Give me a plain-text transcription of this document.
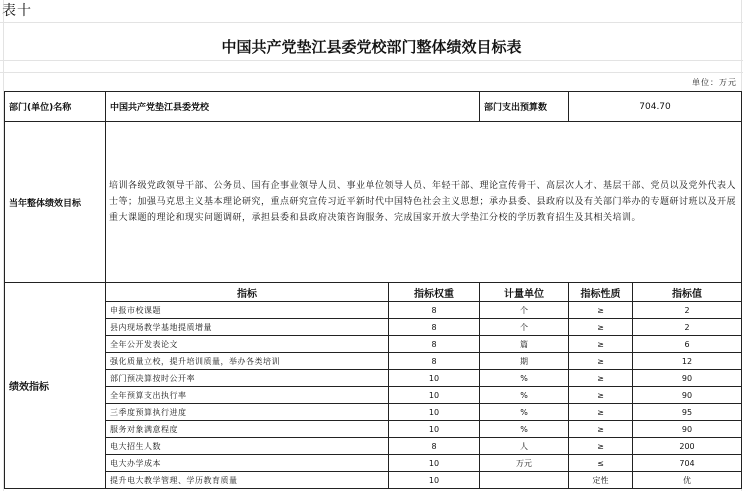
表十
中国共产党垫江县委党校部门整体绩效目标表
单位：万元
部门(单位)名称	中国共产党垫江县委党校		部门支出预算数	704.70	
当年整体绩效目标	培训各级党政领导干部、公务员、国有企事业领导人员、事业单位领导人员、年轻干部、理论宣传骨干、高层次人才、基层干部、党员以及党外代表人士等；加强马克思主义基本理论研究，重点研究宣传习近平新时代中国特色社会主义思想；承办县委、县政府以及有关部门举办的专题研讨班以及开展重大课题的理论和现实问题调研，承担县委和县政府决策咨询服务、完成国家开放大学垫江分校的学历教育招生及其相关培训。				
绩效指标	指标	指标权重	计量单位	指标性质	指标值
	申报市校课题	8	个	≥	2
	县内现场教学基地提质增量	8	个	≥	2
	全年公开发表论文	8	篇	≥	6
	强化质量立校，提升培训质量，举办各类培训	8	期	≥	12
	部门预决算按时公开率	10	%	≥	90
	全年预算支出执行率	10	%	≥	90
	三季度预算执行进度	10	%	≥	95
	服务对象满意程度	10	%	≥	90
	电大招生人数	8	人	≥	200
	电大办学成本	10	万元	≤	704
	提升电大教学管理、学历教育质量	10		定性	优
